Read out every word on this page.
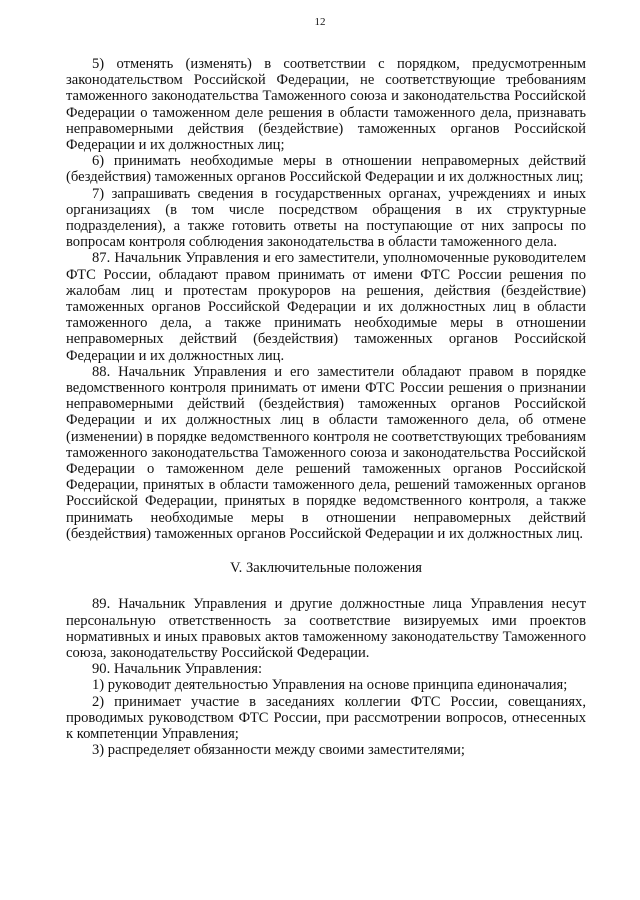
12

5) отменять (изменять) в соответствии с порядком, предусмотренным законодательством Российской Федерации, не соответствующие требованиям таможенного законодательства Таможенного союза и законодательства Российской Федерации о таможенном деле решения в области таможенного дела, признавать неправомерными действия (бездействие) таможенных органов Российской Федерации и их должностных лиц;

6) принимать необходимые меры в отношении неправомерных действий (бездействия) таможенных органов Российской Федерации и их должностных лиц;

7) запрашивать сведения в государственных органах, учреждениях и иных организациях (в том числе посредством обращения в их структурные подразделения), а также готовить ответы на поступающие от них запросы по вопросам контроля соблюдения законодательства в области таможенного дела.

87. Начальник Управления и его заместители, уполномоченные руководителем ФТС России, обладают правом принимать от имени ФТС России решения по жалобам лиц и протестам прокуроров на решения, действия (бездействие) таможенных органов Российской Федерации и их должностных лиц в области таможенного дела, а также принимать необходимые меры в отношении неправомерных действий (бездействия) таможенных органов Российской Федерации и их должностных лиц.

88. Начальник Управления и его заместители обладают правом в порядке ведомственного контроля принимать от имени ФТС России решения о признании неправомерными действий (бездействия) таможенных органов Российской Федерации и их должностных лиц в области таможенного дела, об отмене (изменении) в порядке ведомственного контроля не соответствующих требованиям таможенного законодательства Таможенного союза и законодательства Российской Федерации о таможенном деле решений таможенных органов Российской Федерации, принятых в области таможенного дела, решений таможенных органов Российской Федерации, принятых в порядке ведомственного контроля, а также принимать необходимые меры в отношении неправомерных действий (бездействия) таможенных органов Российской Федерации и их должностных лиц.

V. Заключительные положения

89. Начальник Управления и другие должностные лица Управления несут персональную ответственность за соответствие визируемых ими проектов нормативных и иных правовых актов таможенному законодательству Таможенного союза, законодательству Российской Федерации.

90. Начальник Управления:

1) руководит деятельностью Управления на основе принципа единоначалия;

2) принимает участие в заседаниях коллегии ФТС России, совещаниях, проводимых руководством ФТС России, при рассмотрении вопросов, отнесенных к компетенции Управления;

3) распределяет обязанности между своими заместителями;
